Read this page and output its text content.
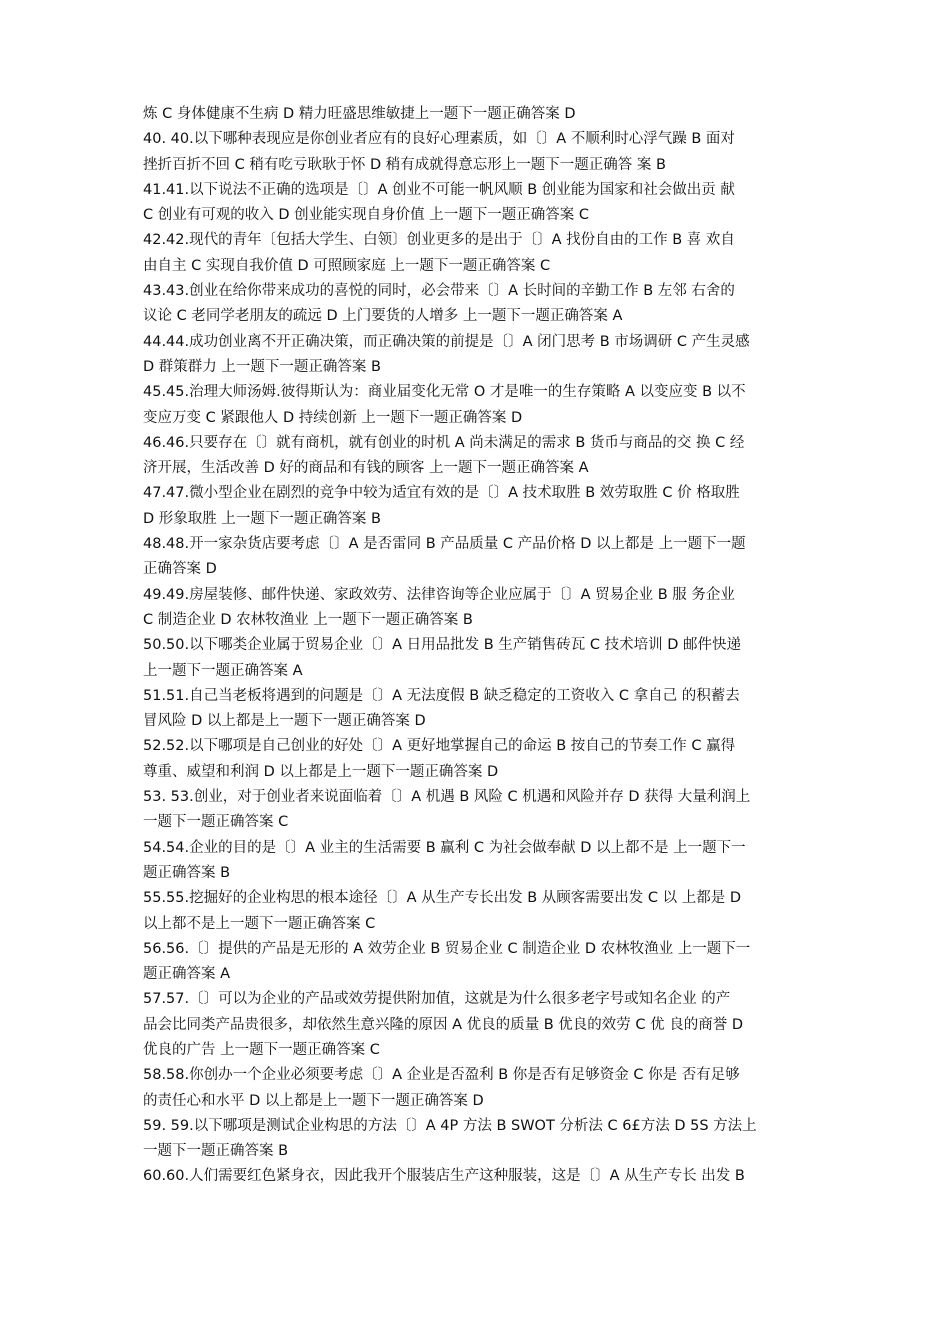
炼 C 身体健康不生病 D 精力旺盛思维敏捷上一题下一题正确答案 D
40. 40.以下哪种表现应是你创业者应有的良好心理素质，如〔〕A 不顺利时心浮气躁 B 面对
挫折百折不回 C 稍有吃亏耿耿于怀 D 稍有成就得意忘形上一题下一题正确答 案 B
41.41.以下说法不正确的选项是〔〕A 创业不可能一帆风顺 B 创业能为国家和社会做出贡 献
C 创业有可观的收入 D 创业能实现自身价值 上一题下一题正确答案 C
42.42.现代的青年〔包括大学生、白领〕创业更多的是出于〔〕A 找份自由的工作 B 喜 欢自
由自主 C 实现自我价值 D 可照顾家庭 上一题下一题正确答案 C
43.43.创业在给你带来成功的喜悦的同时，必会带来〔〕A 长时间的辛勤工作 B 左邻 右舍的
议论 C 老同学老朋友的疏远 D 上门要货的人增多 上一题下一题正确答案 A
44.44.成功创业离不开正确决策，而正确决策的前提是〔〕A 闭门思考 B 市场调研 C 产生灵感
D 群策群力 上一题下一题正确答案 B
45.45.治理大师汤姆.彼得斯认为：商业届变化无常 O 才是唯一的生存策略 A 以变应变 B 以不
变应万变 C 紧跟他人 D 持续创新 上一题下一题正确答案 D
46.46.只要存在〔〕就有商机，就有创业的时机 A 尚未满足的需求 B 货币与商品的交 换 C 经
济开展，生活改善 D 好的商品和有钱的顾客 上一题下一题正确答案 A
47.47.微小型企业在剧烈的竞争中较为适宜有效的是〔〕A 技术取胜 B 效劳取胜 C 价 格取胜
D 形象取胜 上一题下一题正确答案 B
48.48.开一家杂货店要考虑〔〕A 是否雷同 B 产品质量 C 产品价格 D 以上都是 上一题下一题
正确答案 D
49.49.房屋装修、邮件快递、家政效劳、法律咨询等企业应属于〔〕A 贸易企业 B 服 务企业
C 制造企业 D 农林牧渔业 上一题下一题正确答案 B
50.50.以下哪类企业属于贸易企业〔〕A 日用品批发 B 生产销售砖瓦 C 技术培训 D 邮件快递
上一题下一题正确答案 A
51.51.自己当老板将遇到的问题是〔〕A 无法度假 B 缺乏稳定的工资收入 C 拿自己 的积蓄去
冒风险 D 以上都是上一题下一题正确答案 D
52.52.以下哪项是自己创业的好处〔〕A 更好地掌握自己的命运 B 按自己的节奏工作 C 赢得
尊重、威望和利润 D 以上都是上一题下一题正确答案 D
53. 53.创业，对于创业者来说面临着〔〕A 机遇 B 风险 C 机遇和风险并存 D 获得 大量利润上
一题下一题正确答案 C
54.54.企业的目的是〔〕A 业主的生活需要 B 赢利 C 为社会做奉献 D 以上都不是 上一题下一
题正确答案 B
55.55.挖掘好的企业构思的根本途径〔〕A 从生产专长出发 B 从顾客需要出发 C 以 上都是 D
以上都不是上一题下一题正确答案 C
56.56.〔〕提供的产品是无形的 A 效劳企业 B 贸易企业 C 制造企业 D 农林牧渔业 上一题下一
题正确答案 A
57.57.〔〕可以为企业的产品或效劳提供附加值，这就是为什么很多老字号或知名企业 的产
品会比同类产品贵很多，却依然生意兴隆的原因 A 优良的质量 B 优良的效劳 C 优 良的商誉 D
优良的广告 上一题下一题正确答案 C
58.58.你创办一个企业必须要考虑〔〕A 企业是否盈利 B 你是否有足够资金 C 你是 否有足够
的责任心和水平 D 以上都是上一题下一题正确答案 D
59. 59.以下哪项是测试企业构思的方法〔〕A 4P 方法 B SWOT 分析法 C 6£方法 D 5S 方法上
一题下一题正确答案 B
60.60.人们需要红色紧身衣，因此我开个服装店生产这种服装，这是〔〕A 从生产专长 出发 B
